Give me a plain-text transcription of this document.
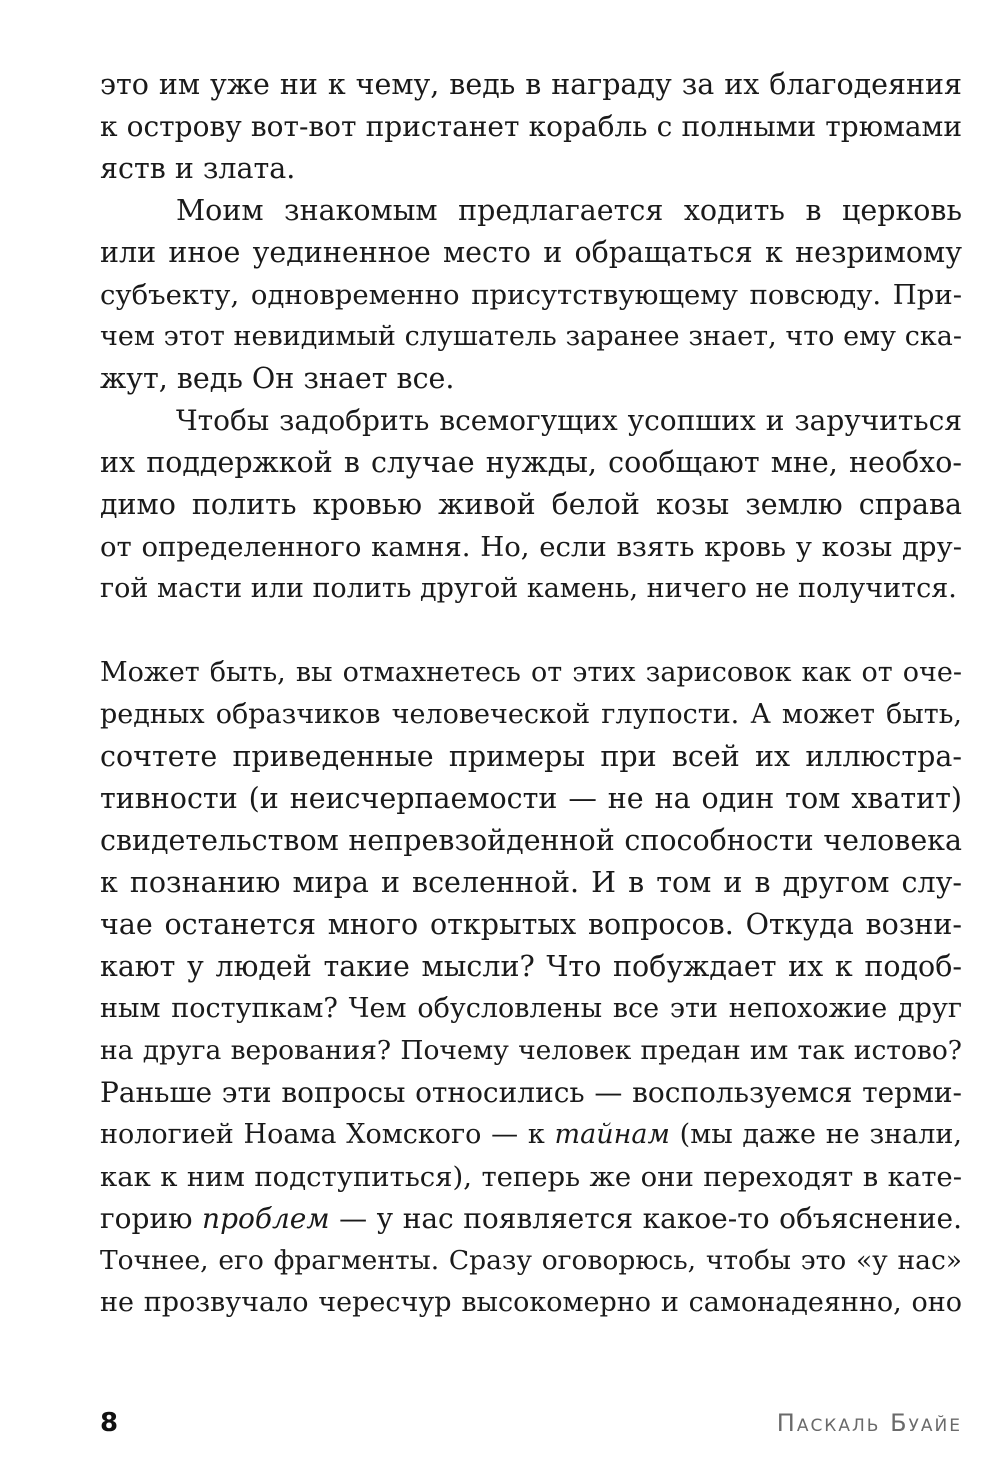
это им уже ни к чему, ведь в награду за их благодеяния
к острову вот-вот пристанет корабль с полными трюмами
яств и злата.
Моим знакомым предлагается ходить в церковь
или иное уединенное место и обращаться к незримому
субъекту, одновременно присутствующему повсюду. При-
чем этот невидимый слушатель заранее знает, что ему ска-
жут, ведь Он знает все.
Чтобы задобрить всемогущих усопших и заручиться
их поддержкой в случае нужды, сообщают мне, необхо-
димо полить кровью живой белой козы землю справа
от определенного камня. Но, если взять кровь у козы дру-
гой масти или полить другой камень, ничего не получится.
Может быть, вы отмахнетесь от этих зарисовок как от оче-
редных образчиков человеческой глупости. А может быть,
сочтете приведенные примеры при всей их иллюстра-
тивности (и неисчерпаемости — не на один том хватит)
свидетельством непревзойденной способности человека
к познанию мира и вселенной. И в том и в другом слу-
чае останется много открытых вопросов. Откуда возни-
кают у людей такие мысли? Что побуждает их к подоб-
ным поступкам? Чем обусловлены все эти непохожие друг
на друга верования? Почему человек предан им так истово?
Раньше эти вопросы относились — воспользуемся терми-
нологией Ноама Хомского — к тайнам (мы даже не знали,
как к ним подступиться), теперь же они переходят в кате-
горию проблем — у нас появляется какое-то объяснение.
Точнее, его фрагменты. Сразу оговорюсь, чтобы это «у нас»
не прозвучало чересчур высокомерно и самонадеянно, оно
8	Паскаль Буайе
